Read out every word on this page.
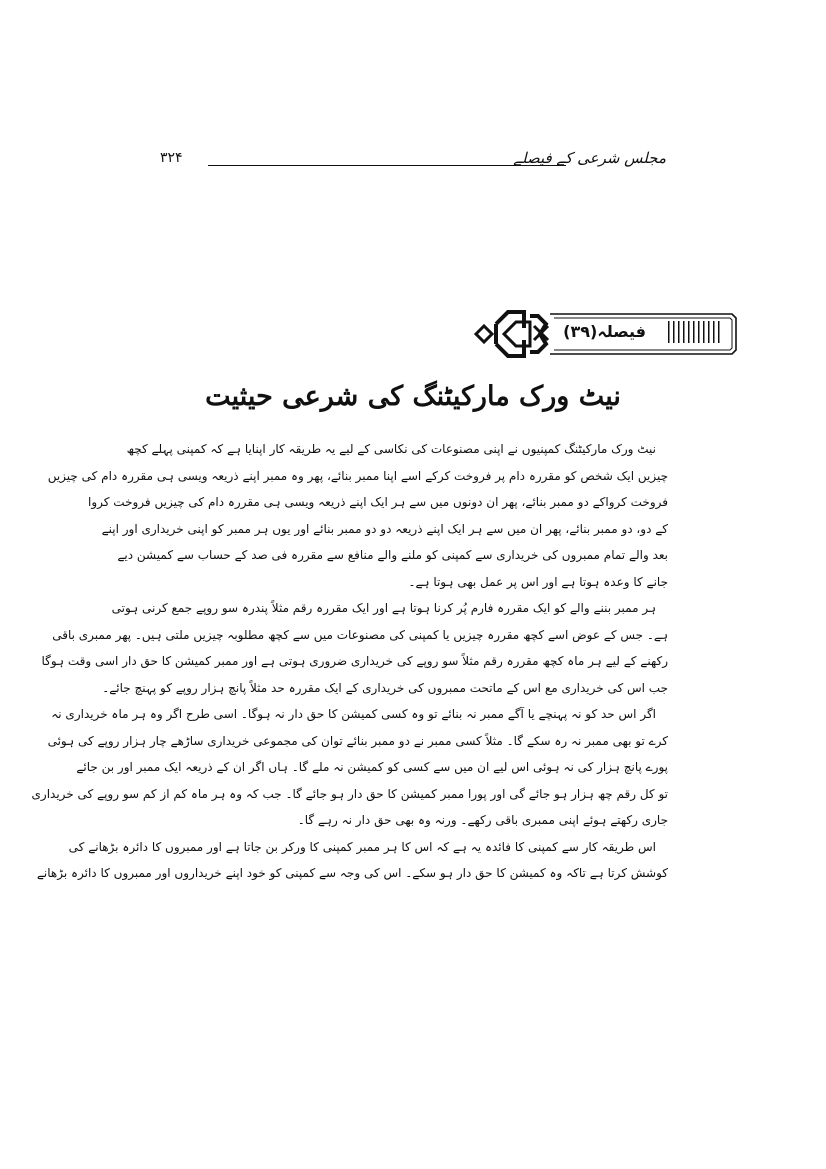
مجلس شرعی کے فیصلے
۳۲۴
فیصلہ(۳۹)
نیٹ ورک مارکیٹنگ کی شرعی حیثیت
نیٹ ورک مارکیٹنگ کمپنیوں نے اپنی مصنوعات کی نکاسی کے لیے یہ طریقہ کار اپنایا ہے کہ کمپنی پہلے کچھ
چیزیں ایک شخص کو مقررہ دام پر فروخت کرکے اسے اپنا ممبر بنائے، پھر وہ ممبر اپنے ذریعہ ویسی ہی مقررہ دام کی چیزیں
فروخت کرواکے دو ممبر بنائے، پھر ان دونوں میں سے ہر ایک اپنے ذریعہ ویسی ہی مقررہ دام کی چیزیں فروخت کروا
کے دو، دو ممبر بنائے، پھر ان میں سے ہر ایک اپنے ذریعہ دو دو ممبر بنائے اور یوں ہر ممبر کو اپنی خریداری اور اپنے
بعد والے تمام ممبروں کی خریداری سے کمپنی کو ملنے والے منافع سے مقررہ فی صد کے حساب سے کمیشن دیے
جانے کا وعدہ ہوتا ہے اور اس پر عمل بھی ہوتا ہے۔
ہر ممبر بننے والے کو ایک مقررہ فارم پُر کرنا ہوتا ہے اور ایک مقررہ رقم مثلاً پندرہ سو روپے جمع کرنی ہوتی
ہے۔ جس کے عوض اسے کچھ مقررہ چیزیں یا کمپنی کی مصنوعات میں سے کچھ مطلوبہ چیزیں ملتی ہیں۔ پھر ممبری باقی
رکھنے کے لیے ہر ماہ کچھ مقررہ رقم مثلاً سو روپے کی خریداری ضروری ہوتی ہے اور ممبر کمیشن کا حق دار اسی وقت ہوگا
جب اس کی خریداری مع اس کے ماتحت ممبروں کی خریداری کے ایک مقررہ حد مثلاً پانچ ہزار روپے کو پہنچ جائے۔
اگر اس حد کو نہ پہنچے یا آگے ممبر نہ بنائے تو وہ کسی کمیشن کا حق دار نہ ہوگا۔ اسی طرح اگر وہ ہر ماہ خریداری نہ
کرے تو بھی ممبر نہ رہ سکے گا۔ مثلاً کسی ممبر نے دو ممبر بنائے توان کی مجموعی خریداری ساڑھے چار ہزار روپے کی ہوئی
پورے پانچ ہزار کی نہ ہوئی اس لیے ان میں سے کسی کو کمیشن نہ ملے گا۔ ہاں اگر ان کے ذریعہ ایک ممبر اور بن جائے
تو کل رقم چھ ہزار ہو جائے گی اور پورا ممبر کمیشن کا حق دار ہو جائے گا۔ جب کہ وہ ہر ماہ کم از کم سو روپے کی خریداری
جاری رکھتے ہوئے اپنی ممبری باقی رکھے۔ ورنہ وہ بھی حق دار نہ رہے گا۔
اس طریقہ کار سے کمپنی کا فائدہ یہ ہے کہ اس کا ہر ممبر کمپنی کا ورکر بن جاتا ہے اور ممبروں کا دائرہ بڑھانے کی
کوشش کرتا ہے تاکہ وہ کمیشن کا حق دار ہو سکے۔ اس کی وجہ سے کمپنی کو خود اپنے خریداروں اور ممبروں کا دائرہ بڑھانے
